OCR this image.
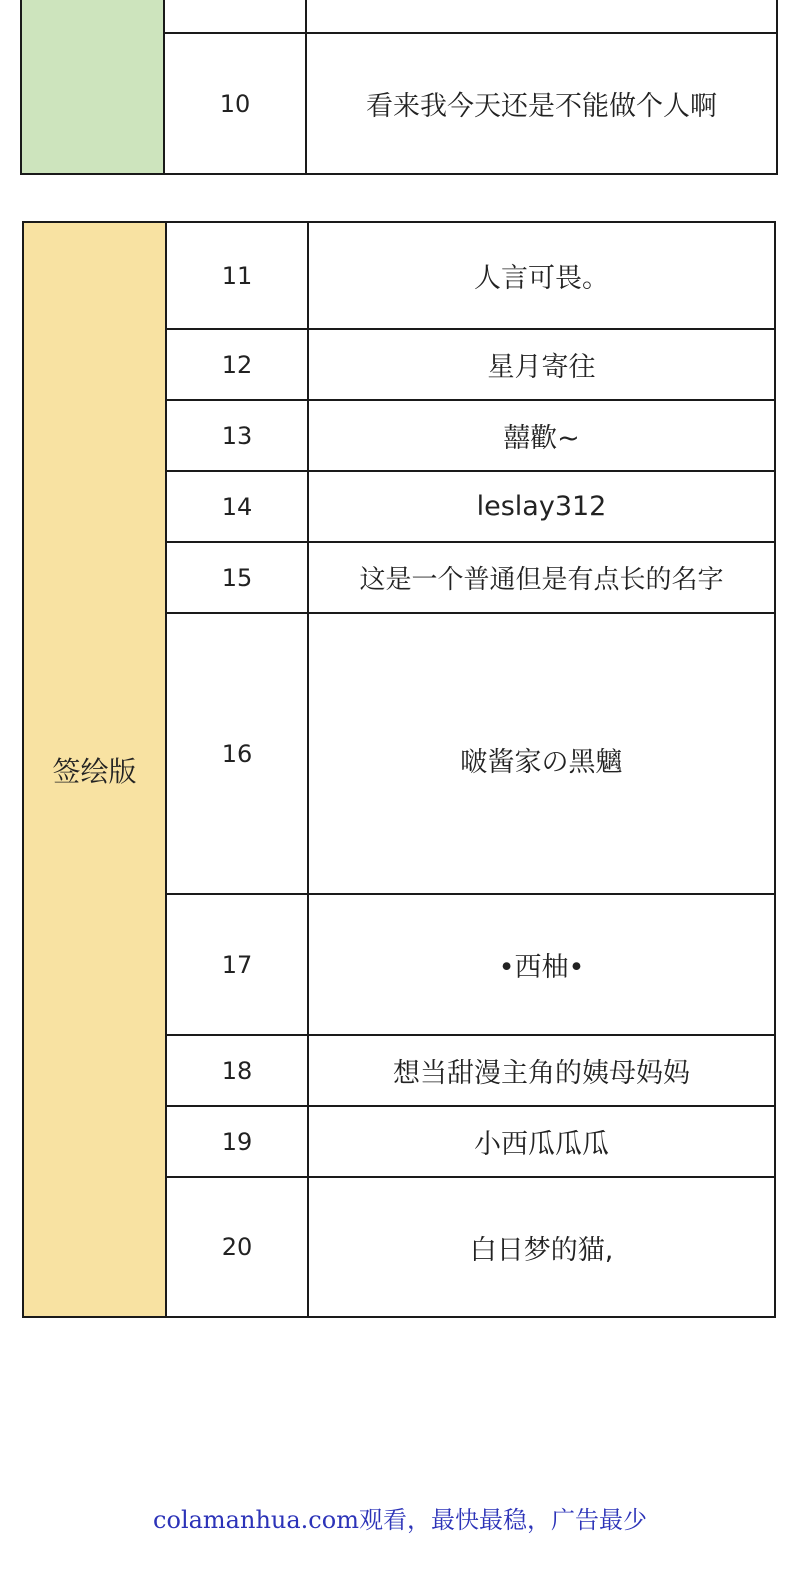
10	看来我今天还是不能做个人啊
签绘版
11	人言可畏。
12	星月寄往
13	囍歡~
14	leslay312
15	这是一个普通但是有点长的名字
16	啵酱家の黑魑
17	•西柚•
18	想当甜漫主角的姨母妈妈
19	小西瓜瓜瓜
20	白日梦的猫,
colamanhua.com观看，最快最稳，广告最少
